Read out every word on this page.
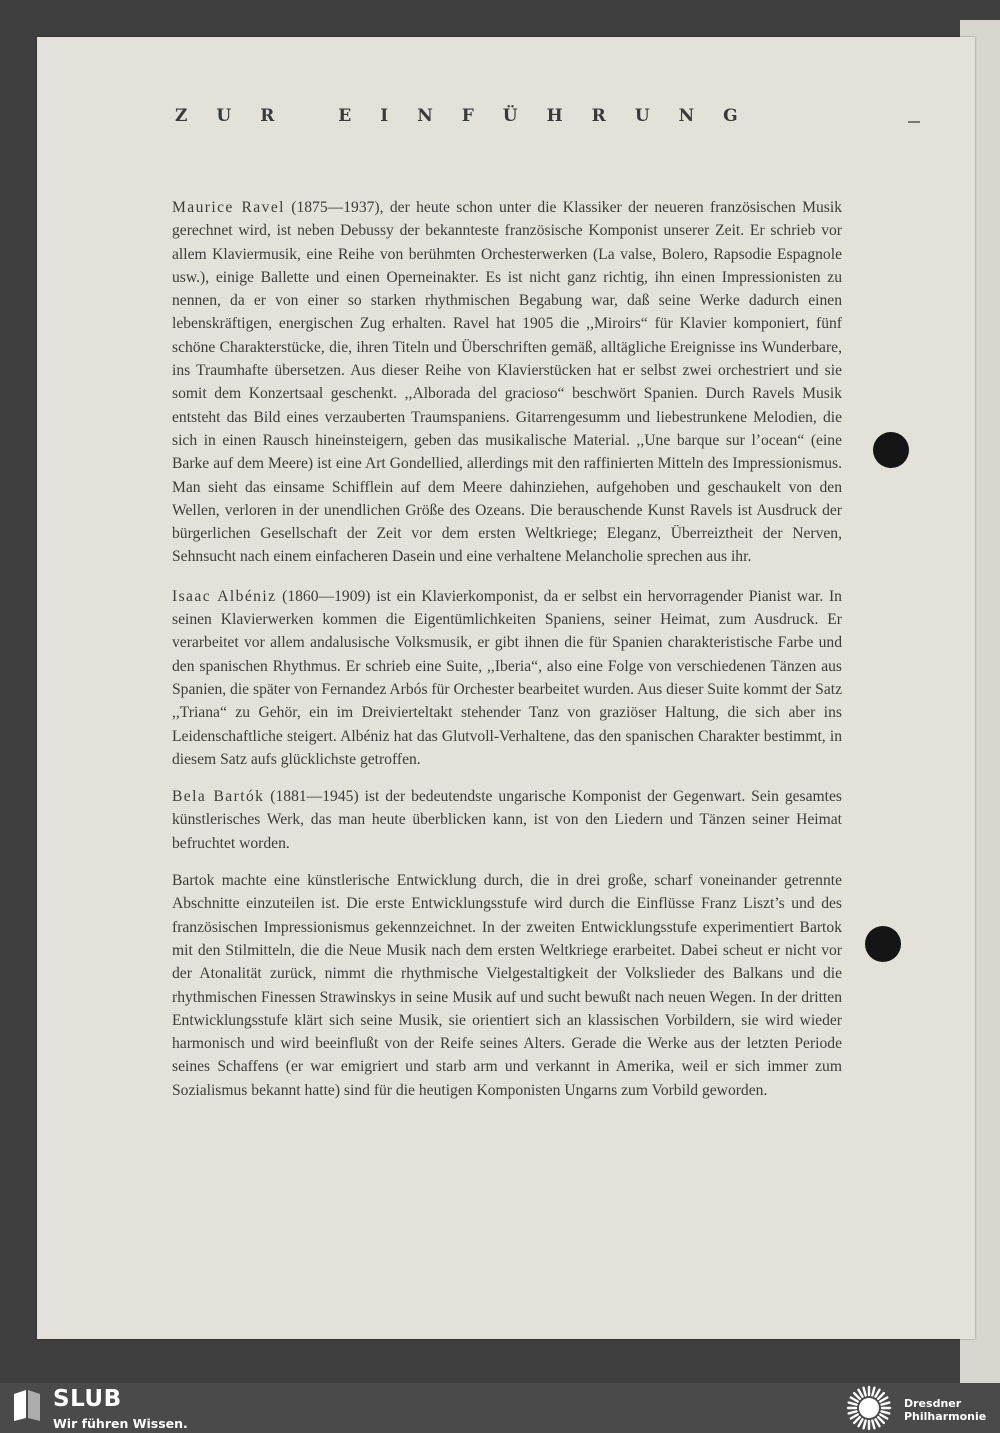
ZUR EINFÜHRUNG

Maurice Ravel (1875—1937), der heute schon unter die Klassiker der neueren französischen Musik gerechnet wird, ist neben Debussy der bekannteste französische Komponist unserer Zeit. Er schrieb vor allem Klaviermusik, eine Reihe von berühmten Orchesterwerken (La valse, Bolero, Rapsodie Espagnole usw.), einige Ballette und einen Operneinakter. Es ist nicht ganz richtig, ihn einen Impressionisten zu nennen, da er von einer so starken rhythmischen Begabung war, daß seine Werke dadurch einen lebenskräftigen, energischen Zug erhalten. Ravel hat 1905 die ,,Miroirs“ für Klavier komponiert, fünf schöne Charakterstücke, die, ihren Titeln und Überschriften gemäß, alltägliche Ereignisse ins Wunderbare, ins Traumhafte übersetzen. Aus dieser Reihe von Klavierstücken hat er selbst zwei orchestriert und sie somit dem Konzertsaal geschenkt. ,,Alborada del gracioso“ beschwört Spanien. Durch Ravels Musik entsteht das Bild eines verzauberten Traumspaniens. Gitarrengesumm und liebestrunkene Melodien, die sich in einen Rausch hineinsteigern, geben das musikalische Material. ,,Une barque sur l’ocean“ (eine Barke auf dem Meere) ist eine Art Gondellied, allerdings mit den raffinierten Mitteln des Impressionismus. Man sieht das einsame Schifflein auf dem Meere dahinziehen, aufgehoben und geschaukelt von den Wellen, verloren in der unendlichen Größe des Ozeans. Die berauschende Kunst Ravels ist Ausdruck der bürgerlichen Gesellschaft der Zeit vor dem ersten Weltkriege; Eleganz, Überreiztheit der Nerven, Sehnsucht nach einem einfacheren Dasein und eine verhaltene Melancholie sprechen aus ihr.

Isaac Albéniz (1860—1909) ist ein Klavierkomponist, da er selbst ein hervorragender Pianist war. In seinen Klavierwerken kommen die Eigentümlichkeiten Spaniens, seiner Heimat, zum Ausdruck. Er verarbeitet vor allem andalusische Volksmusik, er gibt ihnen die für Spanien charakteristische Farbe und den spanischen Rhythmus. Er schrieb eine Suite, ,,Iberia“, also eine Folge von verschiedenen Tänzen aus Spanien, die später von Fernandez Arbós für Orchester bearbeitet wurden. Aus dieser Suite kommt der Satz ,,Triana“ zu Gehör, ein im Dreivierteltakt stehender Tanz von graziöser Haltung, die sich aber ins Leidenschaftliche steigert. Albéniz hat das Glutvoll-Verhaltene, das den spanischen Charakter bestimmt, in diesem Satz aufs glücklichste getroffen.

Bela Bartók (1881—1945) ist der bedeutendste ungarische Komponist der Gegenwart. Sein gesamtes künstlerisches Werk, das man heute überblicken kann, ist von den Liedern und Tänzen seiner Heimat befruchtet worden.

Bartok machte eine künstlerische Entwicklung durch, die in drei große, scharf voneinander getrennte Abschnitte einzuteilen ist. Die erste Entwicklungsstufe wird durch die Einflüsse Franz Liszt’s und des französischen Impressionismus gekennzeichnet. In der zweiten Entwicklungsstufe experimentiert Bartok mit den Stilmitteln, die die Neue Musik nach dem ersten Weltkriege erarbeitet. Dabei scheut er nicht vor der Atonalität zurück, nimmt die rhythmische Vielgestaltigkeit der Volkslieder des Balkans und die rhythmischen Finessen Strawinskys in seine Musik auf und sucht bewußt nach neuen Wegen. In der dritten Entwicklungsstufe klärt sich seine Musik, sie orientiert sich an klassischen Vorbildern, sie wird wieder harmonisch und wird beeinflußt von der Reife seines Alters. Gerade die Werke aus der letzten Periode seines Schaffens (er war emigriert und starb arm und verkannt in Amerika, weil er sich immer zum Sozialismus bekannt hatte) sind für die heutigen Komponisten Ungarns zum Vorbild geworden.

SLUB
Wir führen Wissen.
Dresdner
Philharmonie
